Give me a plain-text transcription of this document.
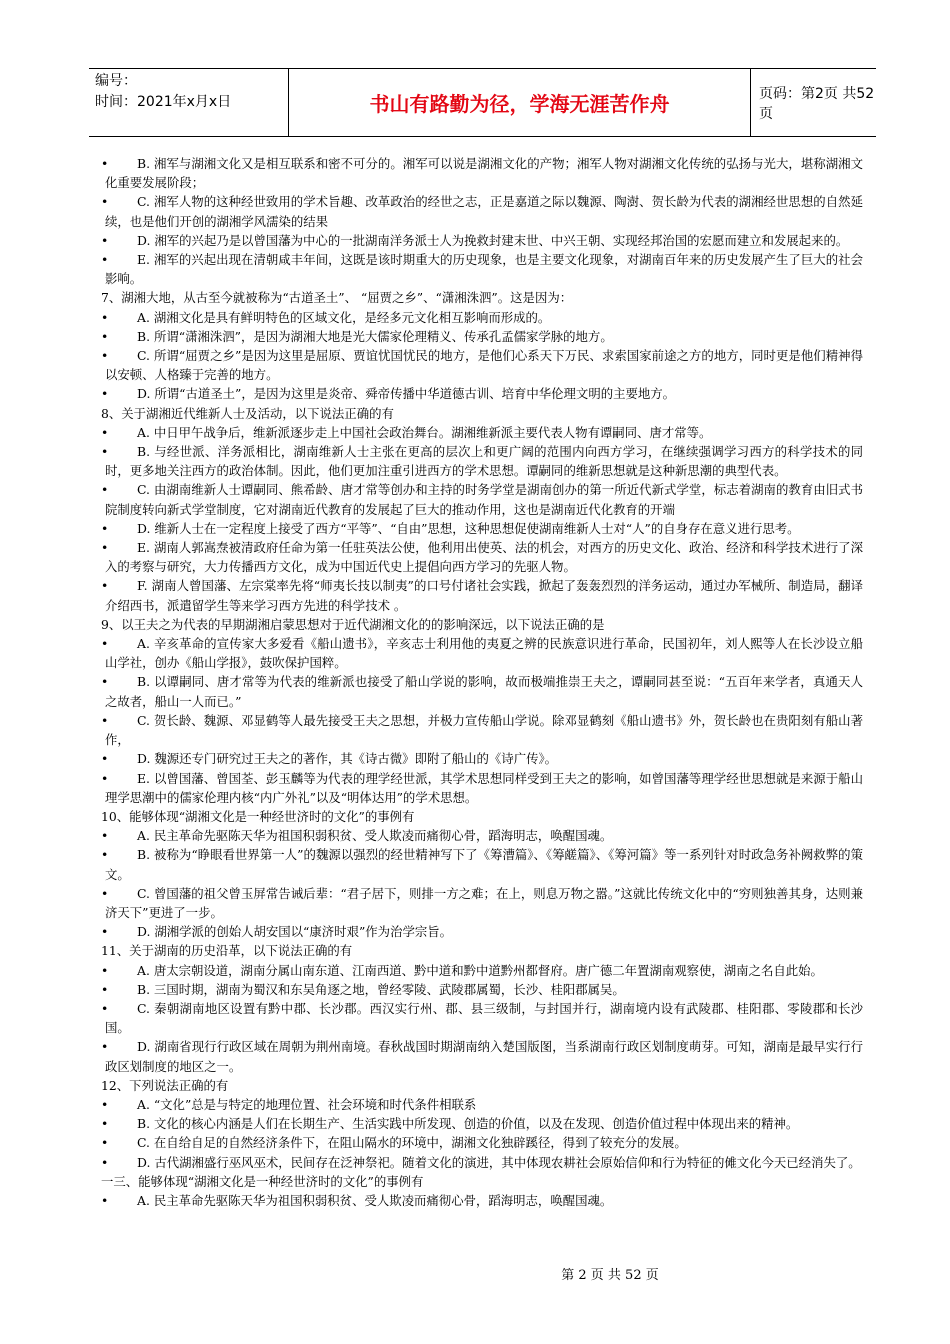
编号：
时间：2021年x月x日	书山有路勤为径，学海无涯苦作舟	页码：第2页 共52页
•	B. 湘军与湖湘文化又是相互联系和密不可分的。湘军可以说是湖湘文化的产物；湘军人物对湖湘文化传统的弘扬与光大，堪称湖湘文化重要发展阶段；
•	C. 湘军人物的这种经世致用的学术旨趣、改革政治的经世之志，正是嘉道之际以魏源、陶澍、贺长龄为代表的湖湘经世思想的自然延续，也是他们开创的湖湘学风濡染的结果
•	D. 湘军的兴起乃是以曾国藩为中心的一批湖南洋务派士人为挽救封建末世、中兴王朝、实现经邦治国的宏愿而建立和发展起来的。
•	E. 湘军的兴起出现在清朝咸丰年间，这既是该时期重大的历史现象，也是主要文化现象，对湖南百年来的历史发展产生了巨大的社会影响。
7、湖湘大地，从古至今就被称为“古道圣土”、 “屈贾之乡”、“潇湘洙泗”。这是因为：
•	A. 湖湘文化是具有鲜明特色的区域文化，是经多元文化相互影响而形成的。
•	B. 所谓“潇湘洙泗”，是因为湖湘大地是光大儒家伦理精义、传承孔孟儒家学脉的地方。
•	C. 所谓“屈贾之乡”是因为这里是屈原、贾谊忧国忧民的地方，是他们心系天下万民、求索国家前途之方的地方，同时更是他们精神得以安顿、人格臻于完善的地方。
•	D. 所谓“古道圣土”，是因为这里是炎帝、舜帝传播中华道德古训、培育中华伦理文明的主要地方。
8、关于湖湘近代维新人士及活动，以下说法正确的有
•	A. 中日甲午战争后，维新派逐步走上中国社会政治舞台。湖湘维新派主要代表人物有谭嗣同、唐才常等。
•	B. 与经世派、洋务派相比，湖南维新人士主张在更高的层次上和更广阔的范围内向西方学习，在继续强调学习西方的科学技术的同时，更多地关注西方的政治体制。因此，他们更加注重引进西方的学术思想。谭嗣同的维新思想就是这种新思潮的典型代表。
•	C. 由湖南维新人士谭嗣同、熊希龄、唐才常等创办和主持的时务学堂是湖南创办的第一所近代新式学堂，标志着湖南的教育由旧式书院制度转向新式学堂制度，它对湖南近代教育的发展起了巨大的推动作用，这也是湖南近代化教育的开端
•	D. 维新人士在一定程度上接受了西方“平等”、“自由”思想，这种思想促使湖南维新人士对“人”的自身存在意义进行思考。
•	E. 湖南人郭嵩焘被清政府任命为第一任驻英法公使，他利用出使英、法的机会，对西方的历史文化、政治、经济和科学技术进行了深入的考察与研究，大力传播西方文化，成为中国近代史上提倡向西方学习的先驱人物。
•	F. 湖南人曾国藩、左宗棠率先将“师夷长技以制夷”的口号付诸社会实践，掀起了轰轰烈烈的洋务运动，通过办军械所、制造局，翻译介绍西书，派遣留学生等来学习西方先进的科学技术 。
9、以王夫之为代表的早期湖湘启蒙思想对于近代湖湘文化的的影响深远，以下说法正确的是
•	A. 辛亥革命的宣传家大多爱看《船山遗书》，辛亥志士利用他的夷夏之辨的民族意识进行革命，民国初年，刘人熙等人在长沙设立船山学社，创办《船山学报》，鼓吹保护国粹。
•	B. 以谭嗣同、唐才常等为代表的维新派也接受了船山学说的影响，故而极端推崇王夫之，谭嗣同甚至说：“五百年来学者，真通天人之故者，船山一人而已。”
•	C. 贺长龄、魏源、邓显鹤等人最先接受王夫之思想，并极力宣传船山学说。除邓显鹤刻《船山遗书》外，贺长龄也在贵阳刻有船山著作，
•	D. 魏源还专门研究过王夫之的著作，其《诗古微》即附了船山的《诗广传》。
•	E. 以曾国藩、曾国荃、彭玉麟等为代表的理学经世派，其学术思想同样受到王夫之的影响，如曾国藩等理学经世思想就是来源于船山理学思潮中的儒家伦理内核“内广外礼”以及“明体达用”的学术思想。
10、能够体现“湖湘文化是一种经世济时的文化”的事例有
•	A. 民主革命先驱陈天华为祖国积弱积贫、受人欺凌而痛彻心骨，蹈海明志，唤醒国魂。
•	B. 被称为“睁眼看世界第一人”的魏源以强烈的经世精神写下了《筹漕篇》、《筹鹾篇》、《筹河篇》等一系列针对时政急务补阙救弊的策文。
•	C. 曾国藩的祖父曾玉屏常告诫后辈：“君子居下，则排一方之难；在上，则息万物之嚣。”这就比传统文化中的“穷则独善其身，达则兼济天下”更进了一步。
•	D. 湖湘学派的创始人胡安国以“康济时艰”作为治学宗旨。
11、关于湖南的历史沿革，以下说法正确的有
•	A. 唐太宗朝设道，湖南分属山南东道、江南西道、黔中道和黔中道黔州都督府。唐广德二年置湖南观察使，湖南之名自此始。
•	B. 三国时期，湖南为蜀汉和东吴角逐之地，曾经零陵、武陵郡属蜀，长沙、桂阳郡属吴。
•	C. 秦朝湖南地区设置有黔中郡、长沙郡。西汉实行州、郡、县三级制，与封国并行，湖南境内设有武陵郡、桂阳郡、零陵郡和长沙国。
•	D. 湖南省现行行政区域在周朝为荆州南境。春秋战国时期湖南纳入楚国版图，当系湖南行政区划制度萌芽。可知，湖南是最早实行行政区划制度的地区之一。
12、下列说法正确的有
•	A. “文化”总是与特定的地理位置、社会环境和时代条件相联系
•	B. 文化的核心内涵是人们在长期生产、生活实践中所发现、创造的价值，以及在发现、创造价值过程中体现出来的精神。
•	C. 在自给自足的自然经济条件下，在阻山隔水的环境中，湖湘文化独辟蹊径，得到了较充分的发展。
•	D. 古代湖湘盛行巫风巫术，民间存在泛神祭祀。随着文化的演进，其中体现农耕社会原始信仰和行为特征的傩文化今天已经消失了。
一三、能够体现“湖湘文化是一种经世济时的文化”的事例有
•	A. 民主革命先驱陈天华为祖国积弱积贫、受人欺凌而痛彻心骨，蹈海明志，唤醒国魂。
第 2 页 共 52 页
